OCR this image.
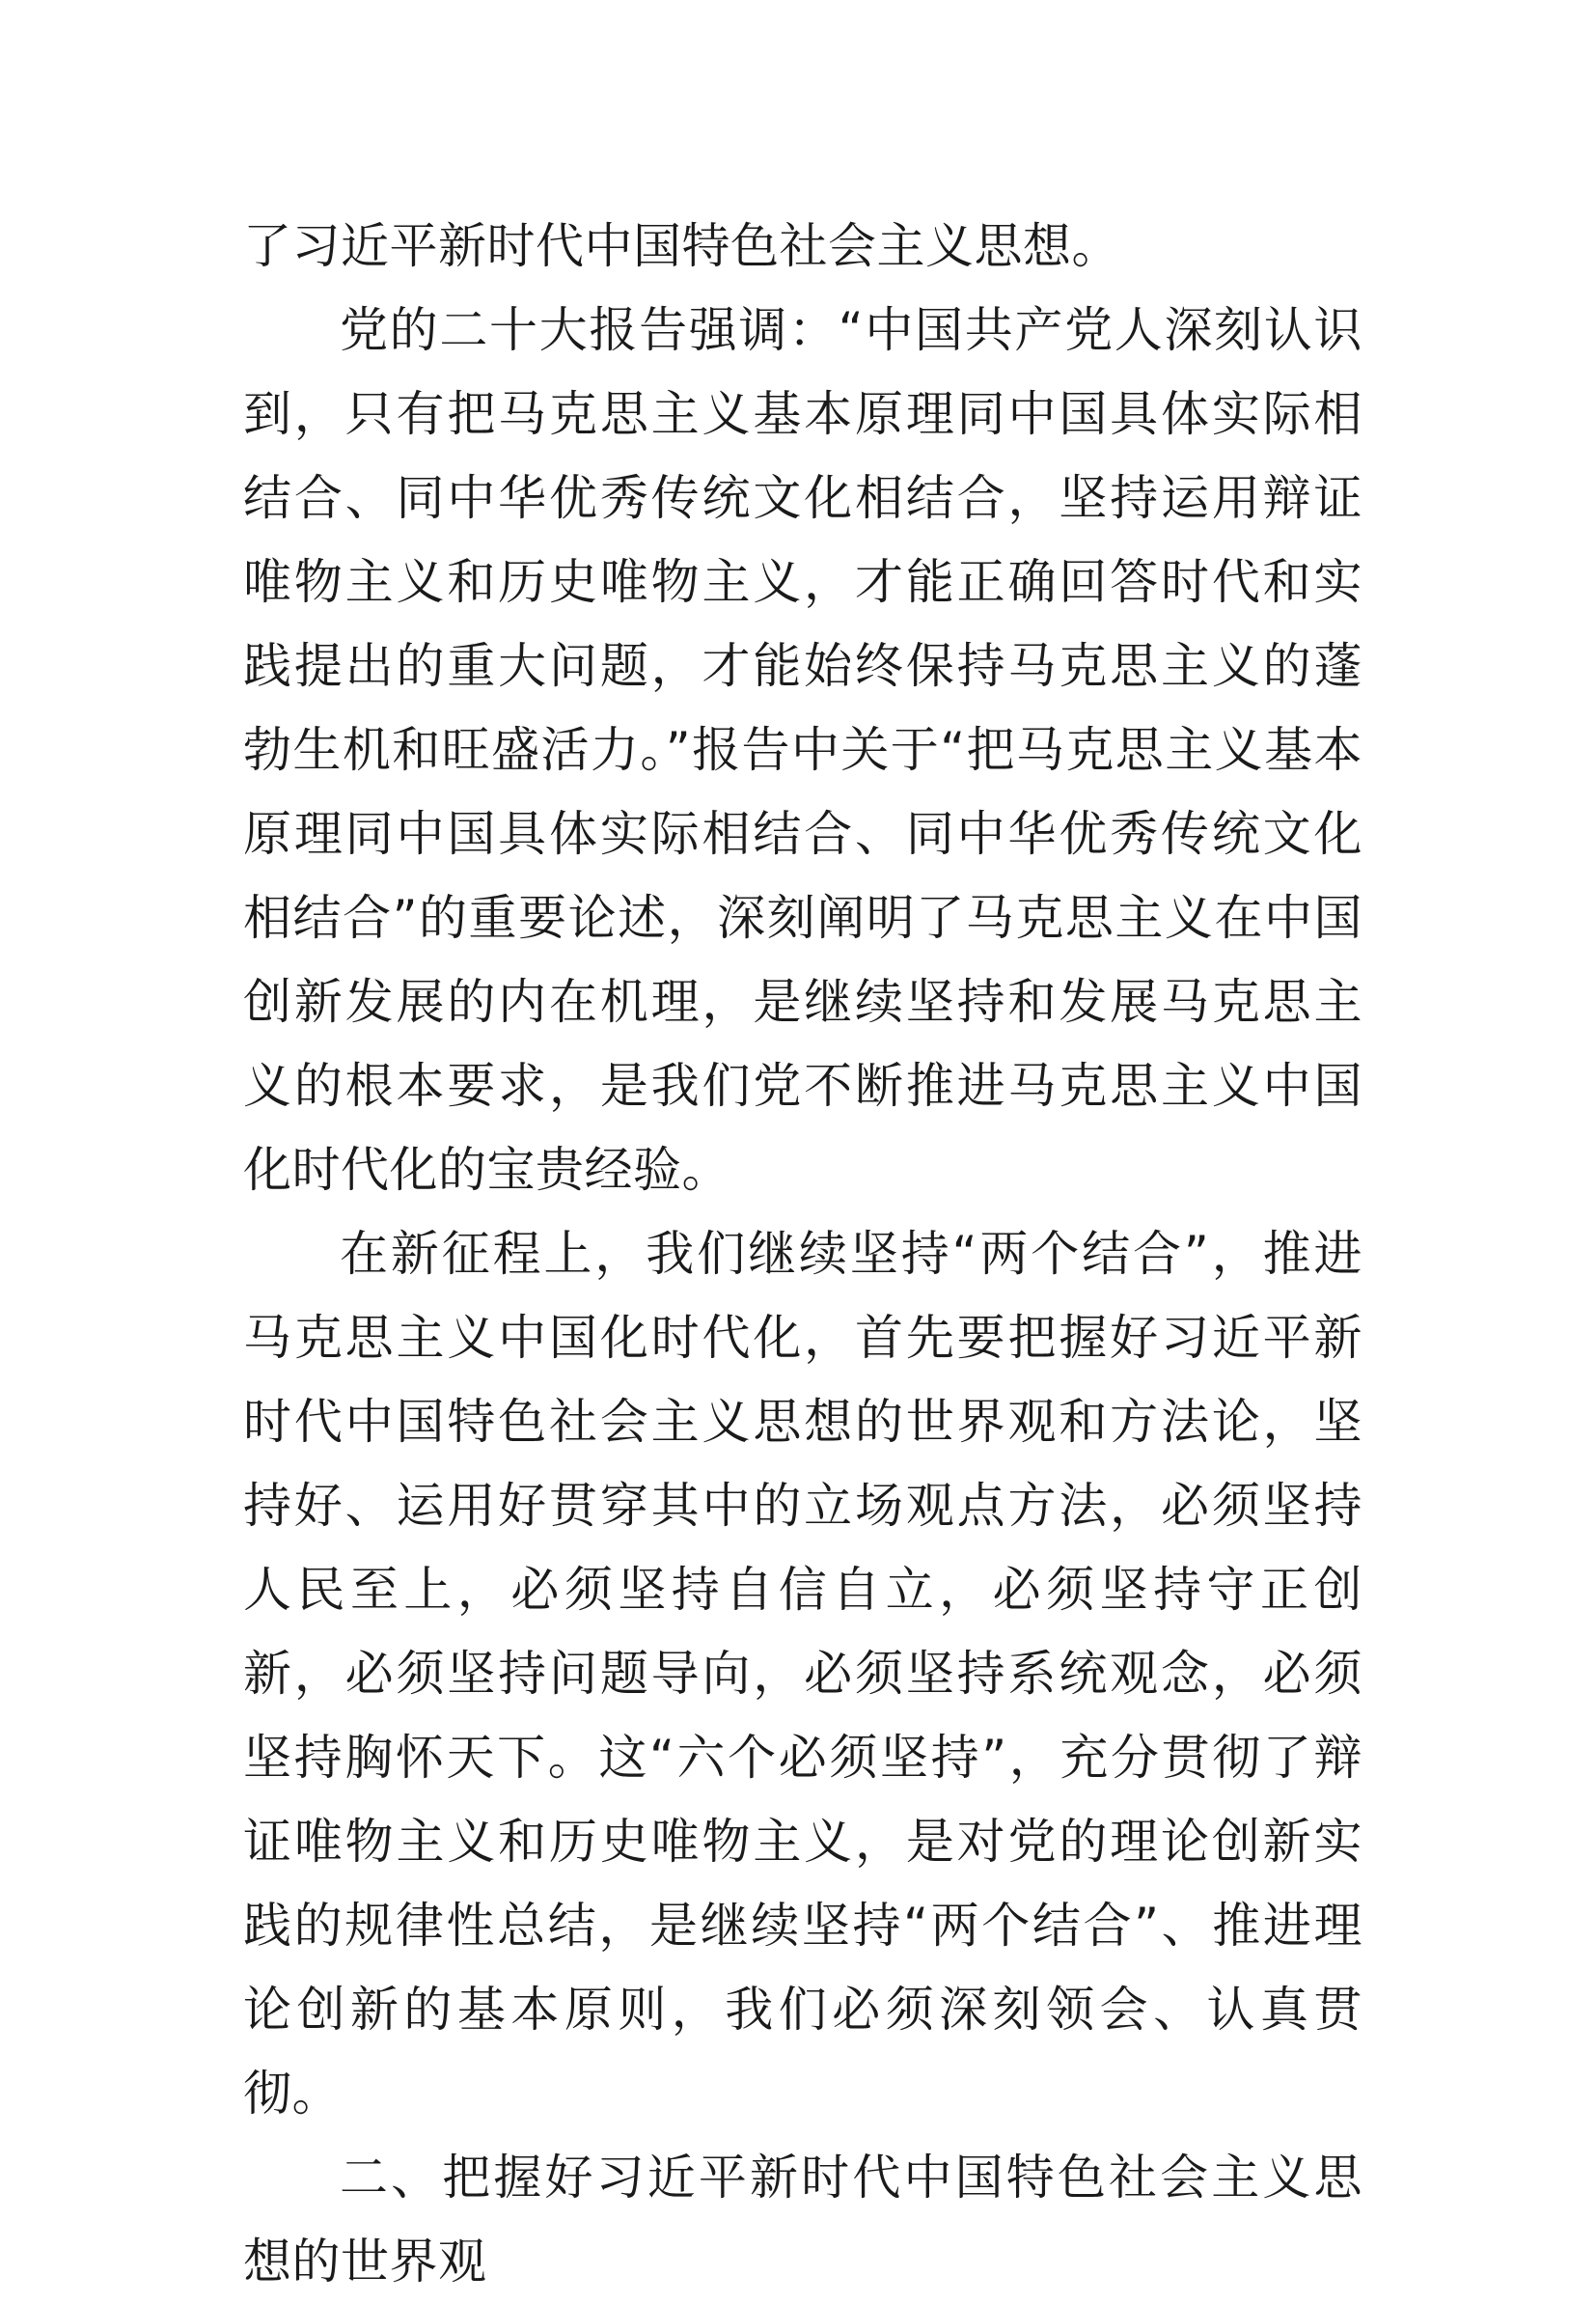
了习近平新时代中国特色社会主义思想。

党的二十大报告强调：“中国共产党人深刻认识到，只有把马克思主义基本原理同中国具体实际相结合、同中华优秀传统文化相结合，坚持运用辩证唯物主义和历史唯物主义，才能正确回答时代和实践提出的重大问题，才能始终保持马克思主义的蓬勃生机和旺盛活力。”报告中关于“把马克思主义基本原理同中国具体实际相结合、同中华优秀传统文化相结合”的重要论述，深刻阐明了马克思主义在中国创新发展的内在机理，是继续坚持和发展马克思主义的根本要求，是我们党不断推进马克思主义中国化时代化的宝贵经验。

在新征程上，我们继续坚持“两个结合”，推进马克思主义中国化时代化，首先要把握好习近平新时代中国特色社会主义思想的世界观和方法论，坚持好、运用好贯穿其中的立场观点方法，必须坚持人民至上，必须坚持自信自立，必须坚持守正创新，必须坚持问题导向，必须坚持系统观念，必须坚持胸怀天下。这“六个必须坚持”，充分贯彻了辩证唯物主义和历史唯物主义，是对党的理论创新实践的规律性总结，是继续坚持“两个结合”、推进理论创新的基本原则，我们必须深刻领会、认真贯彻。

二、把握好习近平新时代中国特色社会主义思想的世界观
